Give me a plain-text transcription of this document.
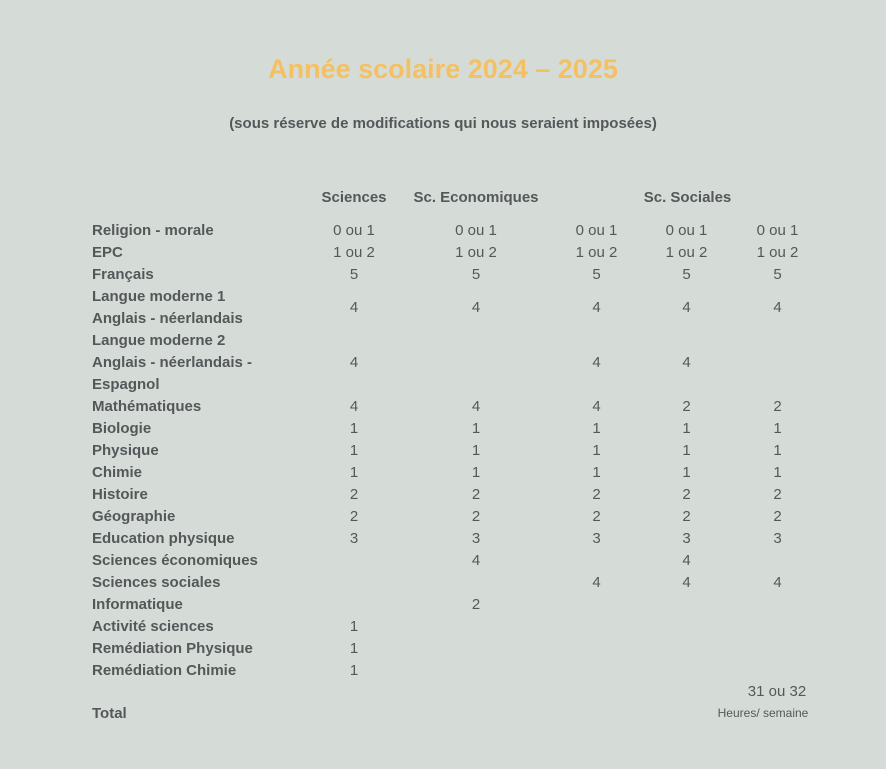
Année scolaire 2024 – 2025
(sous réserve de modifications qui nous seraient imposées)
Sciences	Sc. Economiques	Sc. Sociales
Religion - morale	0 ou 1	0 ou 1	0 ou 1	0 ou 1	0 ou 1
EPC	1 ou 2	1 ou 2	1 ou 2	1 ou 2	1 ou 2
Français	5	5	5	5	5

Langue moderne 1
Anglais - néerlandais	4	4	4	4	4

Langue moderne 2
Anglais - néerlandais -
Espagnol	4		4	4	
Mathématiques	4	4	4	2	2
Biologie	1	1	1	1	1
Physique	1	1	1	1	1
Chimie	1	1	1	1	1
Histoire	2	2	2	2	2
Géographie	2	2	2	2	2
Education physique	3	3	3	3	3
Sciences économiques		4		4	
Sciences sociales			4	4	4
Informatique		2			
Activité sciences	1				
Remédiation Physique	1				
Remédiation Chimie	1				
Total
31 ou 32
Heures/ semaine
